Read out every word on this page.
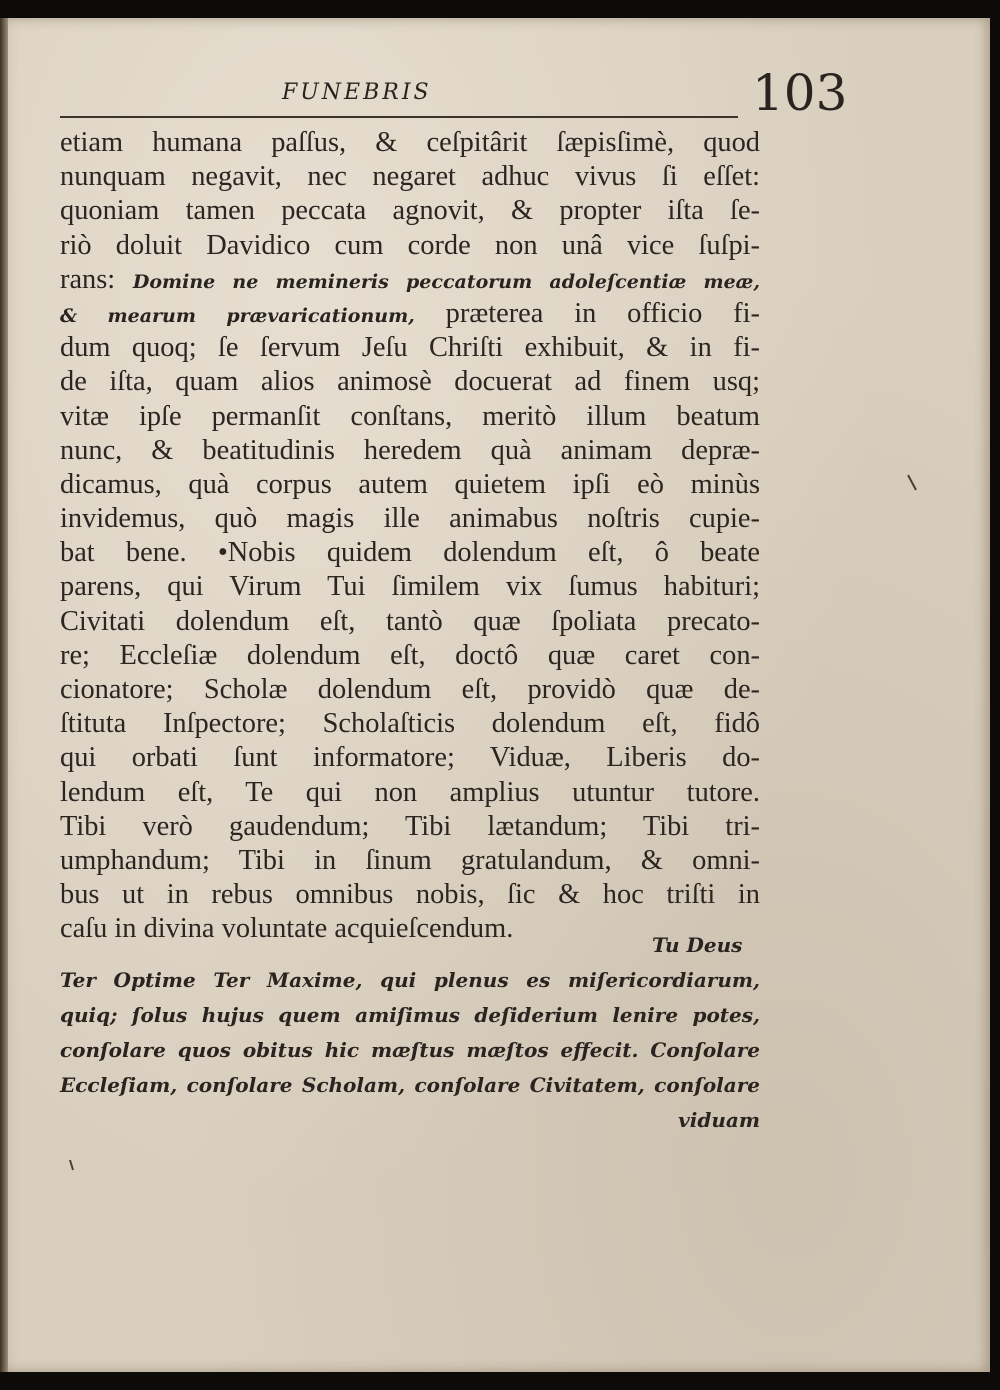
FUNEBRIS	103
etiam humana paſſus, & ceſpitârit ſæpisſimè, quod
nunquam negavit, nec negaret adhuc vivus ſi eſſet:
quoniam tamen peccata agnovit, & propter iſta ſe-
riò doluit Davidico cum corde non unâ vice ſuſpi-
rans: Domine ne memineris peccatorum adoleſcentiæ meæ,
& mearum prævaricationum, præterea in officio fi-
dum quoq; ſe ſervum Jeſu Chriſti exhibuit, & in fi-
de iſta, quam alios animosè docuerat ad finem usq;
vitæ ipſe permanſit conſtans, meritò illum beatum
nunc, & beatitudinis heredem quà animam depræ-
dicamus, quà corpus autem quietem ipſi eò minùs
invidemus, quò magis ille animabus noſtris cupie-
bat bene. •Nobis quidem dolendum eſt, ô beate
parens, qui Virum Tui ſimilem vix ſumus habituri;
Civitati dolendum eſt, tantò quæ ſpoliata precato-
re; Eccleſiæ dolendum eſt, doctô quæ caret con-
cionatore; Scholæ dolendum eſt, providò quæ de-
ſtituta Inſpectore; Scholaſticis dolendum eſt, fidô
qui orbati ſunt informatore; Viduæ, Liberis do-
lendum eſt, Te qui non amplius utuntur tutore.
Tibi verò gaudendum; Tibi lætandum; Tibi tri-
umphandum; Tibi in ſinum gratulandum, & omni-
bus ut in rebus omnibus nobis, ſic & hoc triſti in
caſu in divina voluntate acquieſcendum.
Tu Deus
Ter Optime Ter Maxime, qui plenus es miſericordiarum,
quiq; ſolus hujus quem amiſimus deſiderium lenire potes,
conſolare quos obitus hic mæſtus mæſtos effecit. Conſolare
Eccleſiam, conſolare Scholam, conſolare Civitatem, conſolare
viduam
